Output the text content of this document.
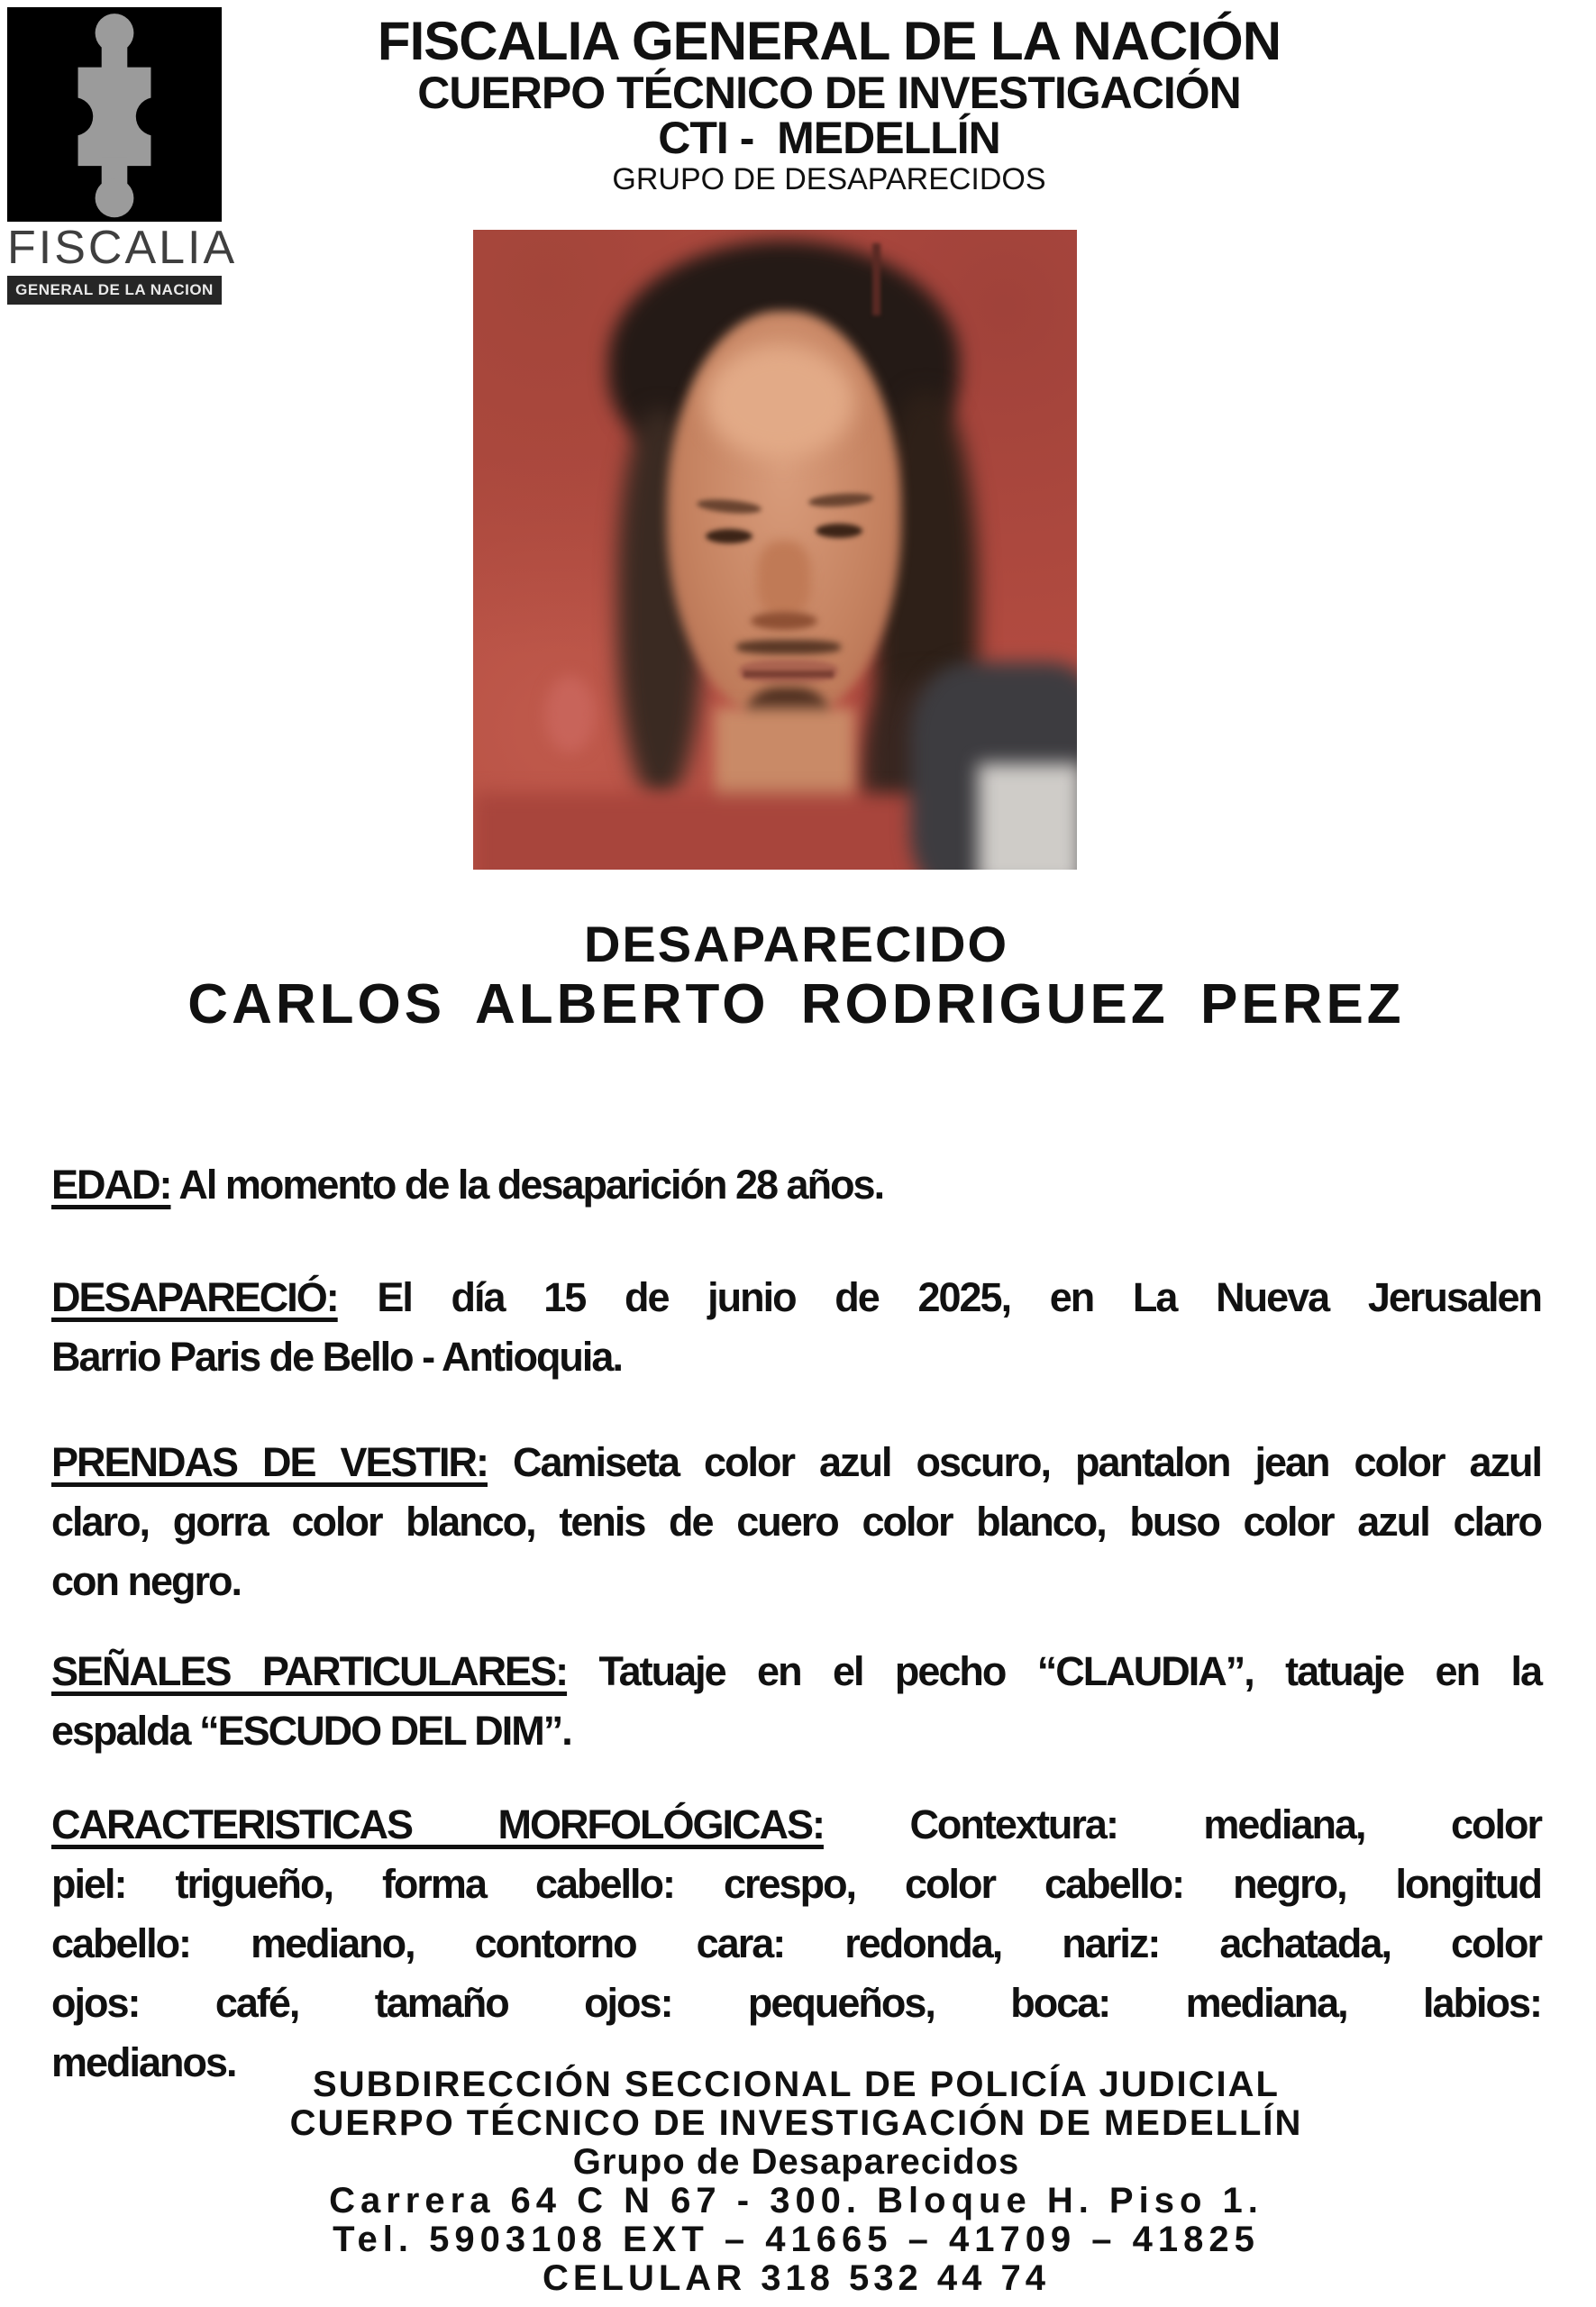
FISCALIA
GENERAL DE LA NACION
FISCALIA GENERAL DE LA NACIÓN
CUERPO TÉCNICO DE INVESTIGACIÓN
CTI -  MEDELLÍN
GRUPO DE DESAPARECIDOS
DESAPARECIDO
CARLOS ALBERTO RODRIGUEZ PEREZ
EDAD: Al momento de la desaparición 28 años.
DESAPARECIÓ: El día 15 de junio de 2025, en La Nueva Jerusalen
Barrio Paris de Bello - Antioquia.
PRENDAS DE VESTIR: Camiseta color azul oscuro, pantalon jean color azul
claro, gorra color blanco, tenis de cuero color blanco, buso color azul claro
con negro.
SEÑALES PARTICULARES: Tatuaje en el pecho “CLAUDIA”, tatuaje en la
espalda “ESCUDO DEL DIM”.
CARACTERISTICAS MORFOLÓGICAS: Contextura: mediana, color
piel: trigueño, forma cabello: crespo, color cabello: negro, longitud
cabello: mediano, contorno cara: redonda, nariz: achatada, color
ojos: café, tamaño ojos: pequeños, boca: mediana, labios:
medianos.	SUBDIRECCIÓN SECCIONAL DE POLICÍA JUDICIAL
CUERPO TÉCNICO DE INVESTIGACIÓN DE MEDELLÍN
Grupo de Desaparecidos
Carrera 64 C N 67 - 300. Bloque H. Piso 1.
Tel. 5903108 EXT – 41665 – 41709 – 41825
CELULAR 318 532 44 74
